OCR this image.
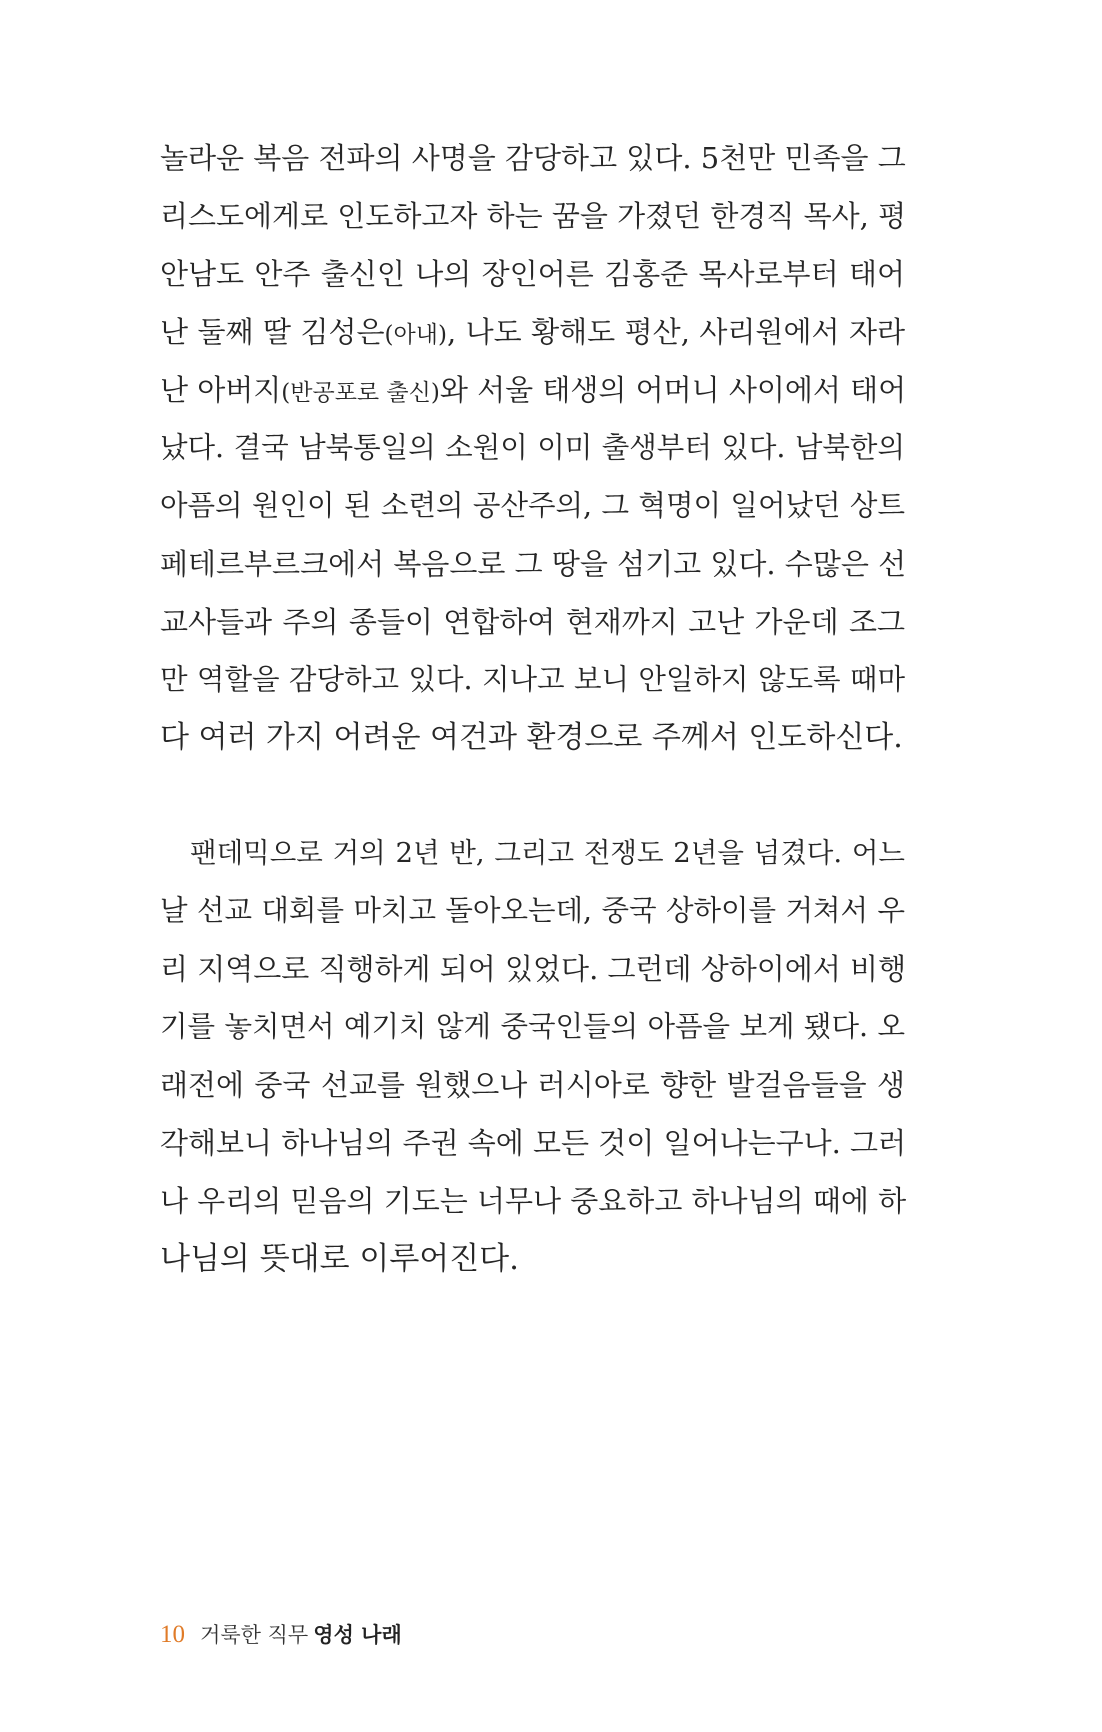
놀라운 복음 전파의 사명을 감당하고 있다. 5천만 민족을 그
리스도에게로 인도하고자 하는 꿈을 가졌던 한경직 목사, 평
안남도 안주 출신인 나의 장인어른 김홍준 목사로부터 태어
난 둘째 딸 김성은(아내), 나도 황해도 평산, 사리원에서 자라
난 아버지(반공포로 출신)와 서울 태생의 어머니 사이에서 태어
났다. 결국 남북통일의 소원이 이미 출생부터 있다. 남북한의
아픔의 원인이 된 소련의 공산주의, 그 혁명이 일어났던 상트
페테르부르크에서 복음으로 그 땅을 섬기고 있다. 수많은 선
교사들과 주의 종들이 연합하여 현재까지 고난 가운데 조그
만 역할을 감당하고 있다. 지나고 보니 안일하지 않도록 때마
다 여러 가지 어려운 여건과 환경으로 주께서 인도하신다.
팬데믹으로 거의 2년 반, 그리고 전쟁도 2년을 넘겼다. 어느
날 선교 대회를 마치고 돌아오는데, 중국 상하이를 거쳐서 우
리 지역으로 직행하게 되어 있었다. 그런데 상하이에서 비행
기를 놓치면서 예기치 않게 중국인들의 아픔을 보게 됐다. 오
래전에 중국 선교를 원했으나 러시아로 향한 발걸음들을 생
각해보니 하나님의 주권 속에 모든 것이 일어나는구나. 그러
나 우리의 믿음의 기도는 너무나 중요하고 하나님의 때에 하
나님의 뜻대로 이루어진다.
10 거룩한 직무 영성 나래
